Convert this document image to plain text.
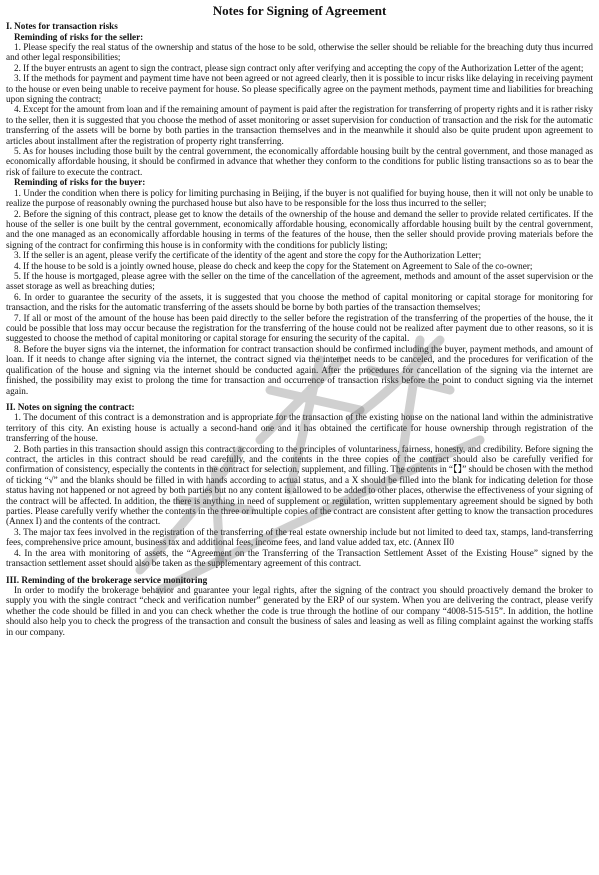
Notes for Signing of Agreement
I. Notes for transaction risks
Reminding of risks for the seller:

1. Please specify the real status of the ownership and status of the hose to be sold, otherwise the seller should be reliable for the breaching duty thus incurred and other legal responsibilities;

2. If the buyer entrusts an agent to sign the contract, please sign contract only after verifying and accepting the copy of the Authorization Letter of the agent;

3. If the methods for payment and payment time have not been agreed or not agreed clearly, then it is possible to incur risks like delaying in receiving payment to the house or even being unable to receive payment for house. So please specifically agree on the payment methods, payment time and liabilities for breaching upon signing the contract;

4. Except for the amount from loan and if the remaining amount of payment is paid after the registration for transferring of property rights and it is rather risky to the seller, then it is suggested that you choose the method of asset monitoring or asset supervision for conduction of transaction and the risk for the automatic transferring of the assets will be borne by both parties in the transaction themselves and in the meanwhile it should also be quite prudent upon agreement to articles about installment after the registration of property right transferring.

5. As for houses including those built by the central government, the economically affordable housing built by the central government, and those managed as economically affordable housing, it should be confirmed in advance that whether they conform to the conditions for public listing transactions so as to bear the risk of failure to execute the contract.

Reminding of risks for the buyer:

1. Under the condition when there is policy for limiting purchasing in Beijing, if the buyer is not qualified for buying house, then it will not only be unable to realize the purpose of reasonably owning the purchased house but also have to be responsible for the loss thus incurred to the seller;

2. Before the signing of this contract, please get to know the details of the ownership of the house and demand the seller to provide related certificates. If the house of the seller is one built by the central government, economically affordable housing, economically affordable housing built by the central government, and the one managed as an economically affordable housing in terms of the features of the house, then the seller should provide proving materials before the signing of the contract for confirming this house is in conformity with the conditions for publicly listing;

3. If the seller is an agent, please verify the certificate of the identity of the agent and store the copy for the Authorization Letter;

4. If the house to be sold is a jointly owned house, please do check and keep the copy for the Statement on Agreement to Sale of the co-owner;

5. If the house is mortgaged, please agree with the seller on the time of the cancellation of the agreement, methods and amount of the asset supervision or the asset storage as well as breaching duties;

6. In order to guarantee the security of the assets, it is suggested that you choose the method of capital monitoring or capital storage for monitoring for transaction, and the risks for the automatic transferring of the assets should be borne by both parties of the transaction themselves;

7. If all or most of the amount of the house has been paid directly to the seller before the registration of the transferring of the properties of the house, the it could be possible that loss may occur because the registration for the transferring of the house could not be realized after payment due to other reasons, so it is suggested to choose the method of capital monitoring or capital storage for ensuring the security of the capital.

8. Before the buyer signs via the internet, the information for contract transaction should be confirmed including the buyer, payment methods, and amount of loan. If it needs to change after signing via the internet, the contract signed via the internet needs to be canceled, and the procedures for verification of the qualification of the house and signing via the internet should be conducted again. After the procedures for cancellation of the signing via the internet are finished, the possibility may exist to prolong the time for transaction and occurrence of transaction risks before the point to conduct signing via the internet again.

II. Notes on signing the contract:

1. The document of this contract is a demonstration and is appropriate for the transaction of the existing house on the national land within the administrative territory of this city. An existing house is actually a second-hand one and it has obtained the certificate for house ownership through registration of the transferring of the house.

2. Both parties in this transaction should assign this contract according to the principles of voluntariness, fairness, honesty, and credibility. Before signing the contract, the articles in this contract should be read carefully, and the contents in the three copies of the contract should also be carefully verified for confirmation of consistency, especially the contents in the contract for selection, supplement, and filling. The contents in “【】” should be chosen with the method of ticking “√” and the blanks should be filled in with hands according to actual status, and a X should be filled into the blank for indicating deletion for those status having not happened or not agreed by both parties but no any content is allowed to be added to other places, otherwise the effectiveness of your signing of the contract will be affected. In addition, the there is anything in need of supplement or regulation, written supplementary agreement should be signed by both parties. Please carefully verify whether the contents in the three or multiple copies of the contract are consistent after getting to know the transaction procedures (Annex I) and the contents of the contract.

3. The major tax fees involved in the registration of the transferring of the real estate ownership include but not limited to deed tax, stamps, land-transferring fees, comprehensive price amount, business tax and additional fees, income fees, and land value added tax, etc. (Annex II0

4. In the area with monitoring of assets, the “Agreement on the Transferring of the Transaction Settlement Asset of the Existing House” signed by the transaction settlement asset should also be taken as the supplementary agreement of this contract.

III. Reminding of the brokerage service monitoring

In order to modify the brokerage behavior and guarantee your legal rights, after the signing of the contract you should proactively demand the broker to supply you with the single contract “check and verification number” generated by the ERP of our system. When you are delivering the contract, please verify whether the code should be filled in and you can check whether the code is true through the hotline of our company “4008-515-515”. In addition, the hotline should also help you to check the progress of the transaction and consult the business of sales and leasing as well as filing complaint against the working staffs in our company.
